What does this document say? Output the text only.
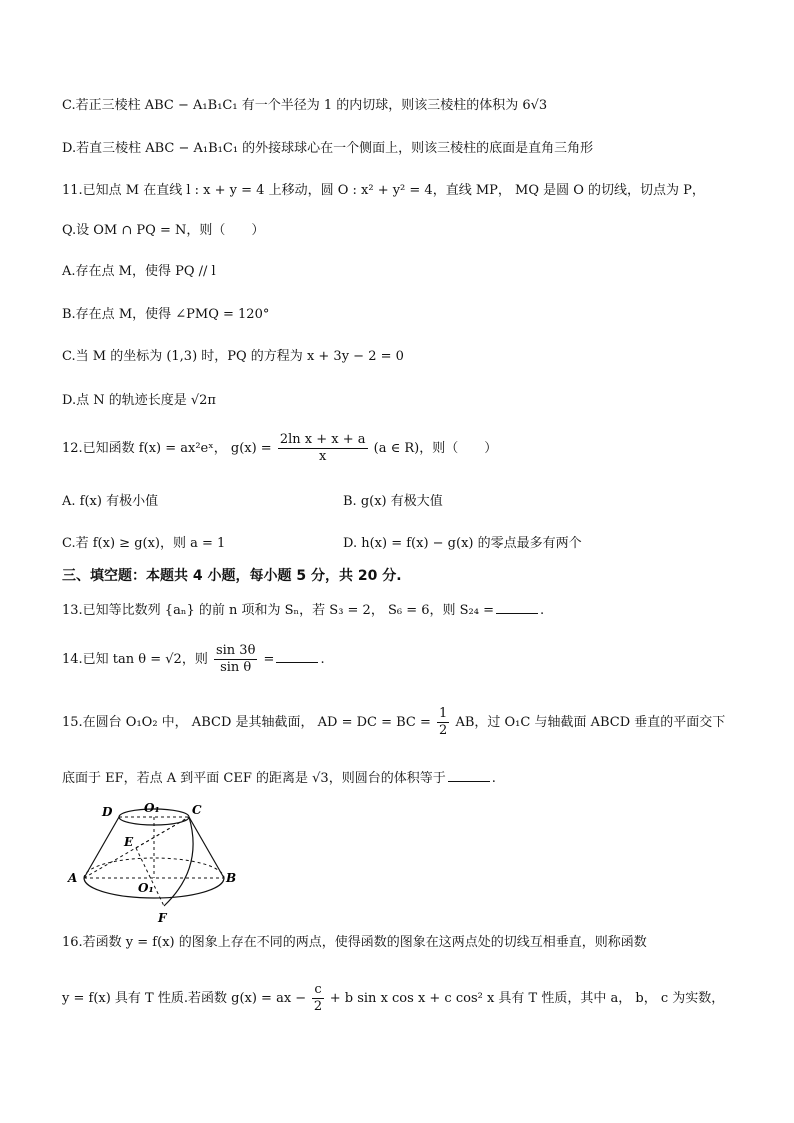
C.若正三棱柱 ABC − A₁B₁C₁ 有一个半径为 1 的内切球，则该三棱柱的体积为 6√3
D.若直三棱柱 ABC − A₁B₁C₁ 的外接球球心在一个侧面上，则该三棱柱的底面是直角三角形
11.已知点 M 在直线 l : x + y = 4 上移动，圆 O : x² + y² = 4，直线 MP， MQ 是圆 O 的切线，切点为 P，
Q.设 OM ∩ PQ = N，则（　　）
A.存在点 M，使得 PQ // l
B.存在点 M，使得 ∠PMQ = 120°
C.当 M 的坐标为 (1,3) 时，PQ 的方程为 x + 3y − 2 = 0
D.点 N 的轨迹长度是 √2π
12.已知函数 f(x) = ax²eˣ， $g(x) = \frac{\text{2ln x + x + a}}{x} (a$ ∈ R)，则（　　）
A. f(x) 有极小值	B. g(x) 有极大值
C.若 f(x) ≥ g(x)，则 a = 1	D. h(x) = f(x) − g(x) 的零点最多有两个
三、填空题：本题共 4 小题，每小题 5 分，共 20 分.
13.已知等比数列 {aₙ} 的前 n 项和为 Sₙ，若 S₃ = 2， S₆ = 6，则 S₂₄ =	.
14.已知 tan θ = √2，则 $\frac{\sin 3\theta}{\text{sin θ}}$ =	.
15.在圆台 O₁O₂ 中， ABCD 是其轴截面， AD = DC = BC = $\frac{1}{2}$ AB，过 O₁C 与轴截面 ABCD 垂直的平面交下
底面于 EF，若点 A 到平面 CEF 的距离是 √3，则圆台的体积等于	.
D	O₁	C
E
A
O₁
B
F
16.若函数 y = f(x) 的图象上存在不同的两点，使得函数的图象在这两点处的切线互相垂直，则称函数
y = f(x) 具有 T 性质.若函数 g(x) = ax − $\frac{c}{2} + b$ sin x cos x + c cos² x 具有 T 性质，其中 a， b， c 为实数，
